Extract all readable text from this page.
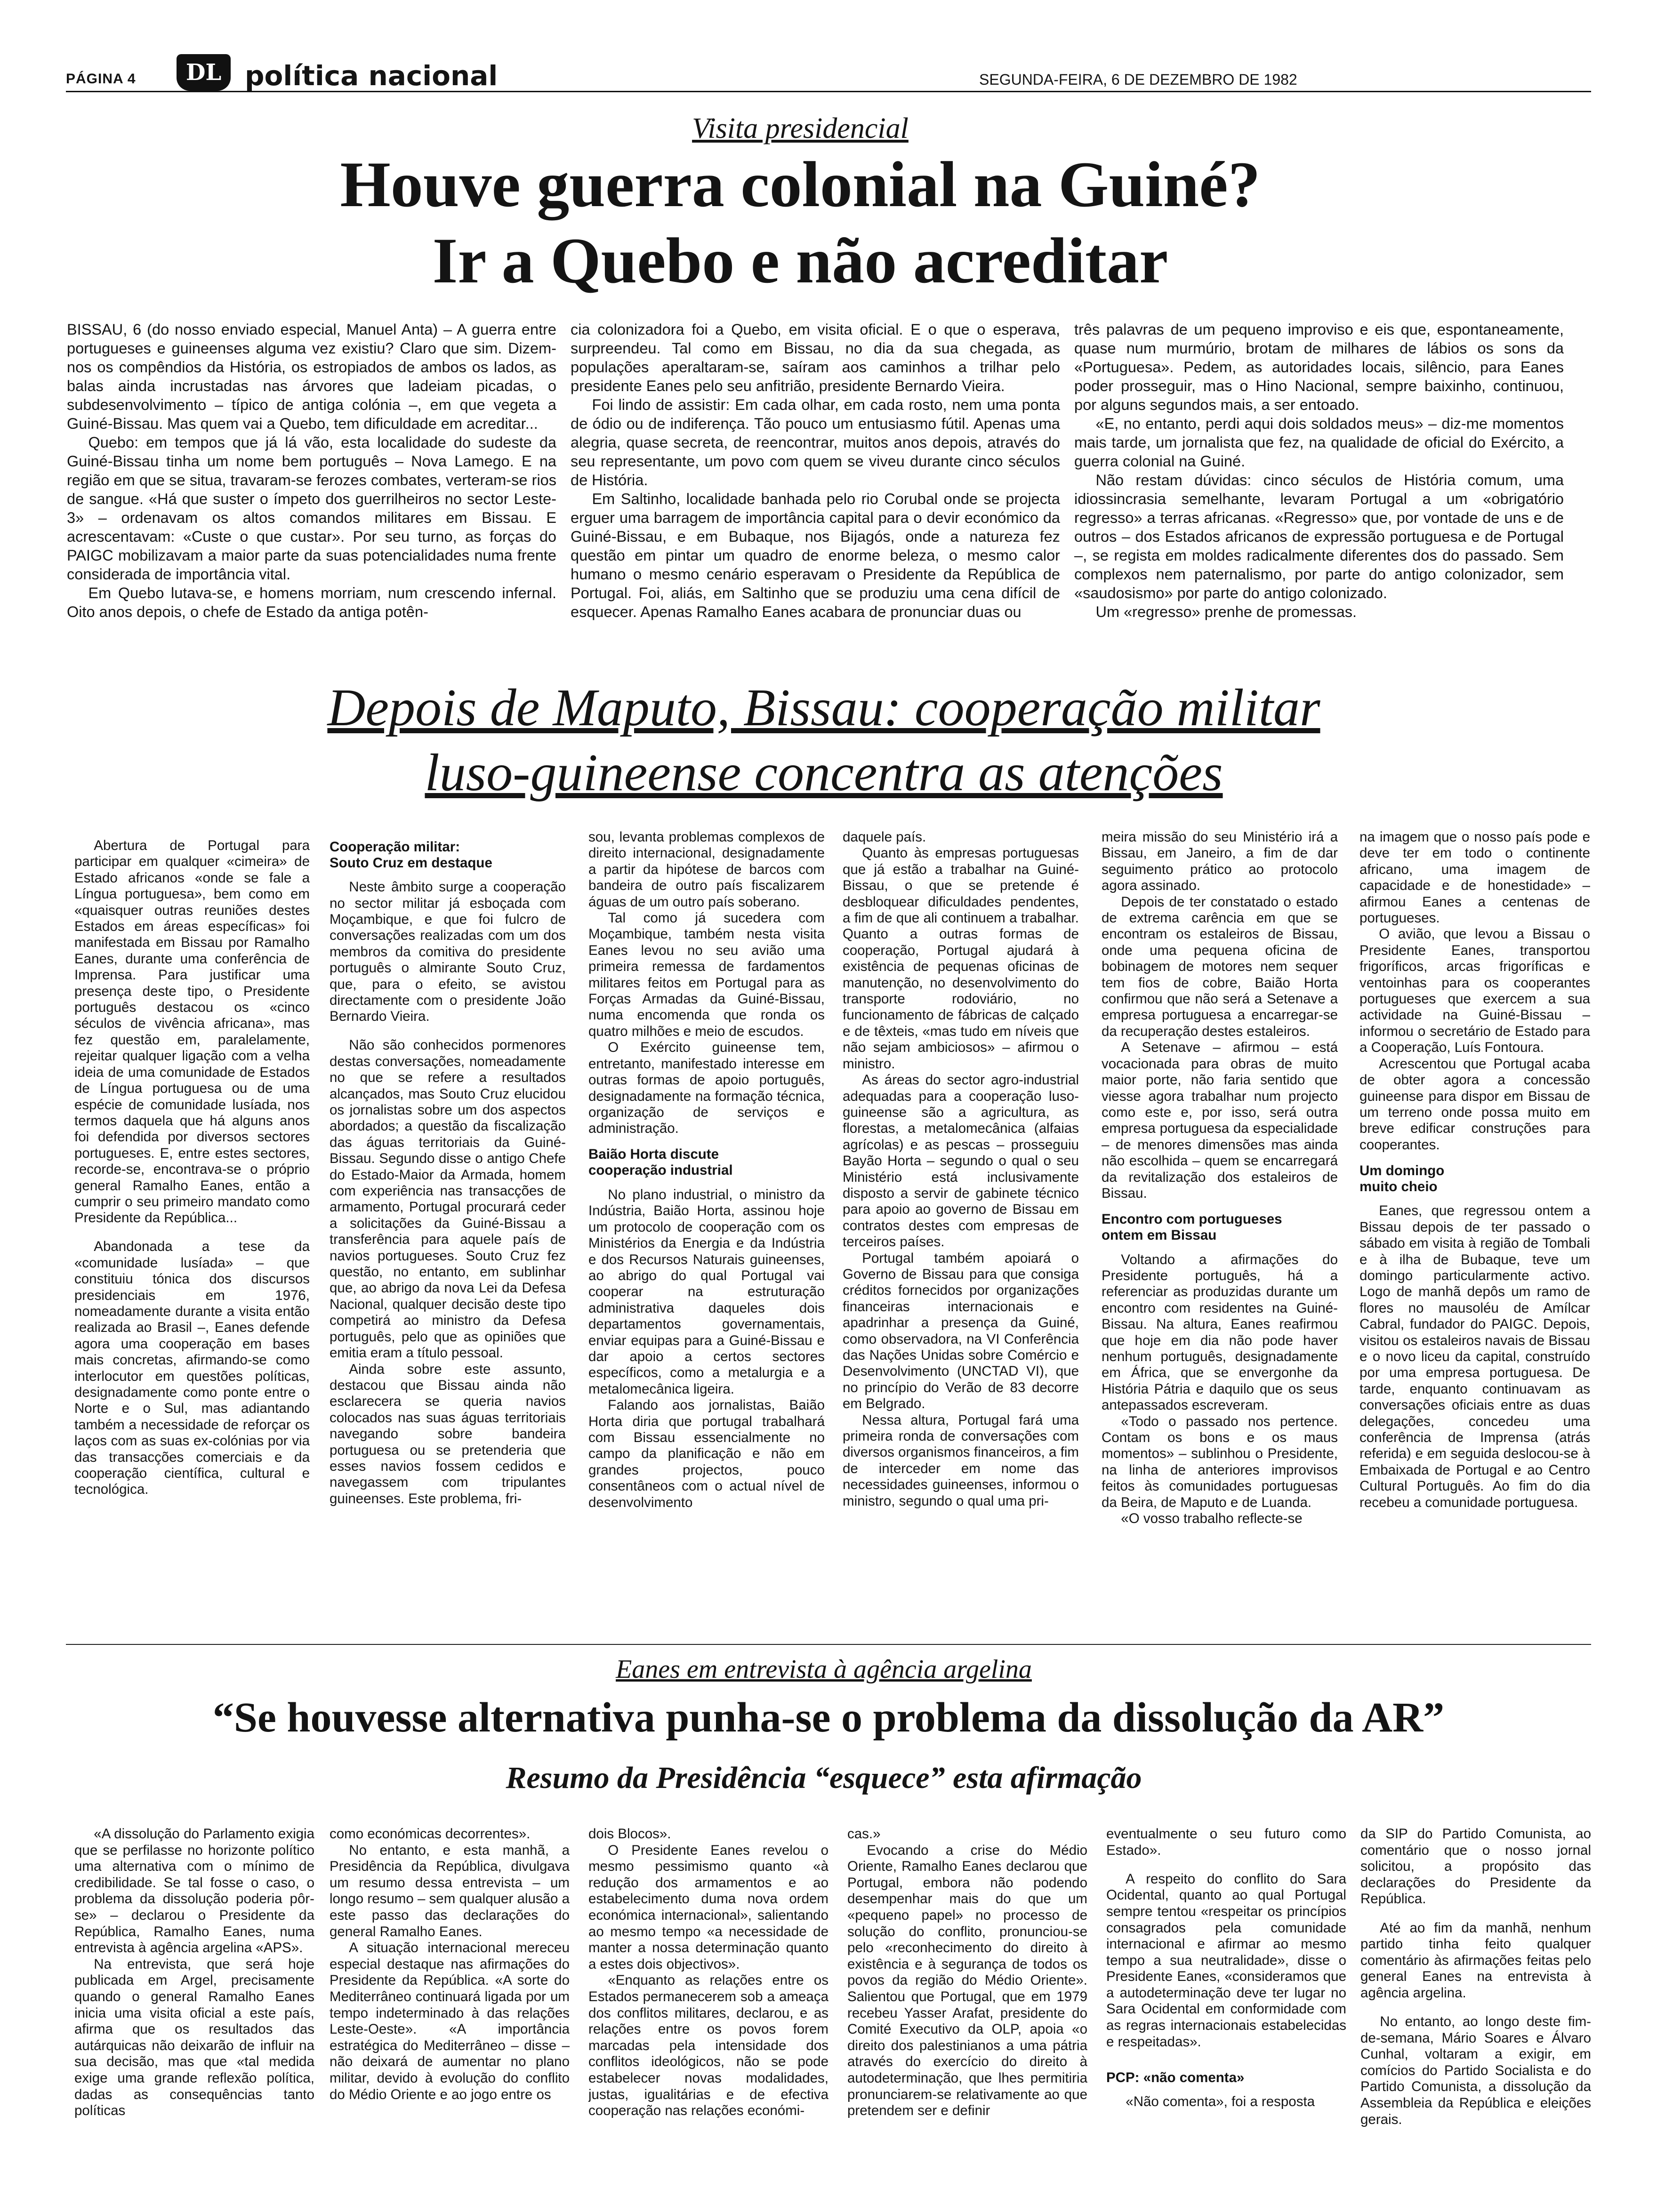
PÁGINA 4	DL política nacional	SEGUNDA-FEIRA, 6 DE DEZEMBRO DE 1982
Visita presidencial
Houve guerra colonial na Guiné?
Ir a Quebo e não acreditar

BISSAU, 6 (do nosso enviado especial, Manuel Anta) – A guerra entre portugueses e guineenses alguma vez existiu? Claro que sim. Dizem-nos os compêndios da História, os estropiados de ambos os lados, as balas ainda incrustadas nas árvores que ladeiam picadas, o subdesenvolvimento – típico de antiga colónia –, em que vegeta a Guiné-Bissau. Mas quem vai a Quebo, tem dificuldade em acreditar...

Quebo: em tempos que já lá vão, esta localidade do sudeste da Guiné-Bissau tinha um nome bem português – Nova Lamego. E na região em que se situa, travaram-se ferozes combates, verteram-se rios de sangue. «Há que suster o ímpeto dos guerrilheiros no sector Leste-3» – ordenavam os altos comandos militares em Bissau. E acrescentavam: «Custe o que custar». Por seu turno, as forças do PAIGC mobilizavam a maior parte da suas potencialidades numa frente considerada de importância vital.

Em Quebo lutava-se, e homens morriam, num crescendo infernal. Oito anos depois, o chefe de Estado da antiga potên-

cia colonizadora foi a Quebo, em visita oficial. E o que o esperava, surpreendeu. Tal como em Bissau, no dia da sua chegada, as populações aperaltaram-se, saíram aos caminhos a trilhar pelo presidente Eanes pelo seu anfitrião, presidente Bernardo Vieira.

Foi lindo de assistir: Em cada olhar, em cada rosto, nem uma ponta de ódio ou de indiferença. Tão pouco um entusiasmo fútil. Apenas uma alegria, quase secreta, de reencontrar, muitos anos depois, através do seu representante, um povo com quem se viveu durante cinco séculos de História.

Em Saltinho, localidade banhada pelo rio Corubal onde se projecta erguer uma barragem de importância capital para o devir económico da Guiné-Bissau, e em Bubaque, nos Bijagós, onde a natureza fez questão em pintar um quadro de enorme beleza, o mesmo calor humano o mesmo cenário esperavam o Presidente da República de Portugal. Foi, aliás, em Saltinho que se produziu uma cena difícil de esquecer. Apenas Ramalho Eanes acabara de pronunciar duas ou

três palavras de um pequeno improviso e eis que, espontaneamente, quase num murmúrio, brotam de milhares de lábios os sons da «Portuguesa». Pedem, as autoridades locais, silêncio, para Eanes poder prosseguir, mas o Hino Nacional, sempre baixinho, continuou, por alguns segundos mais, a ser entoado.

«E, no entanto, perdi aqui dois soldados meus» – diz-me momentos mais tarde, um jornalista que fez, na qualidade de oficial do Exército, a guerra colonial na Guiné.

Não restam dúvidas: cinco séculos de História comum, uma idiossincrasia semelhante, levaram Portugal a um «obrigatório regresso» a terras africanas. «Regresso» que, por vontade de uns e de outros – dos Estados africanos de expressão portuguesa e de Portugal –, se regista em moldes radicalmente diferentes dos do passado. Sem complexos nem paternalismo, por parte do antigo colonizador, sem «saudosismo» por parte do antigo colonizado.

Um «regresso» prenhe de promessas.

Depois de Maputo, Bissau: cooperação militar
luso-guineense concentra as atenções

Abertura de Portugal para participar em qualquer «cimeira» de Estado africanos «onde se fale a Língua portuguesa», bem como em «quaisquer outras reuniões destes Estados em áreas específicas» foi manifestada em Bissau por Ramalho Eanes, durante uma conferência de Imprensa. Para justificar uma presença deste tipo, o Presidente português destacou os «cinco séculos de vivência africana», mas fez questão em, paralelamente, rejeitar qualquer ligação com a velha ideia de uma comunidade de Estados de Língua portuguesa ou de uma espécie de comunidade lusíada, nos termos daquela que há alguns anos foi defendida por diversos sectores portugueses. E, entre estes sectores, recorde-se, encontrava-se o próprio general Ramalho Eanes, então a cumprir o seu primeiro mandato como Presidente da República...

Abandonada a tese da «comunidade lusíada» – que constituiu tónica dos discursos presidenciais em 1976, nomeadamente durante a visita então realizada ao Brasil –, Eanes defende agora uma cooperação em bases mais concretas, afirmando-se como interlocutor em questões políticas, designadamente como ponte entre o Norte e o Sul, mas adiantando também a necessidade de reforçar os laços com as suas ex-colónias por via das transacções comerciais e da cooperação científica, cultural e tecnológica.

Cooperação militar:
Souto Cruz em destaque

Neste âmbito surge a cooperação no sector militar já esboçada com Moçambique, e que foi fulcro de conversações realizadas com um dos membros da comitiva do presidente português o almirante Souto Cruz, que, para o efeito, se avistou directamente com o presidente João Bernardo Vieira.

Não são conhecidos pormenores destas conversações, nomeadamente no que se refere a resultados alcançados, mas Souto Cruz elucidou os jornalistas sobre um dos aspectos abordados; a questão da fiscalização das águas territoriais da Guiné-Bissau. Segundo disse o antigo Chefe do Estado-Maior da Armada, homem com experiência nas transacções de armamento, Portugal procurará ceder a solicitações da Guiné-Bissau a transferência para aquele país de navios portugueses. Souto Cruz fez questão, no entanto, em sublinhar que, ao abrigo da nova Lei da Defesa Nacional, qualquer decisão deste tipo competirá ao ministro da Defesa português, pelo que as opiniões que emitia eram a título pessoal.

Ainda sobre este assunto, destacou que Bissau ainda não esclarecera se queria navios colocados nas suas águas territoriais navegando sobre bandeira portuguesa ou se pretenderia que esses navios fossem cedidos e navegassem com tripulantes guineenses. Este problema, fri-

sou, levanta problemas complexos de direito internacional, designadamente a partir da hipótese de barcos com bandeira de outro país fiscalizarem águas de um outro país soberano.

Tal como já sucedera com Moçambique, também nesta visita Eanes levou no seu avião uma primeira remessa de fardamentos militares feitos em Portugal para as Forças Armadas da Guiné-Bissau, numa encomenda que ronda os quatro milhões e meio de escudos.

O Exército guineense tem, entretanto, manifestado interesse em outras formas de apoio português, designadamente na formação técnica, organização de serviços e administração.

Baião Horta discute
cooperação industrial

No plano industrial, o ministro da Indústria, Baião Horta, assinou hoje um protocolo de cooperação com os Ministérios da Energia e da Indústria e dos Recursos Naturais guineenses, ao abrigo do qual Portugal vai cooperar na estruturação administrativa daqueles dois departamentos governamentais, enviar equipas para a Guiné-Bissau e dar apoio a certos sectores específicos, como a metalurgia e a metalomecânica ligeira.

Falando aos jornalistas, Baião Horta diria que portugal trabalhará com Bissau essencialmente no campo da planificação e não em grandes projectos, pouco consentâneos com o actual nível de desenvolvimento

daquele país.

Quanto às empresas portuguesas que já estão a trabalhar na Guiné-Bissau, o que se pretende é desbloquear dificuldades pendentes, a fim de que ali continuem a trabalhar. Quanto a outras formas de cooperação, Portugal ajudará à existência de pequenas oficinas de manutenção, no desenvolvimento do transporte rodoviário, no funcionamento de fábricas de calçado e de têxteis, «mas tudo em níveis que não sejam ambiciosos» – afirmou o ministro.

As áreas do sector agro-industrial adequadas para a cooperação luso-guineense são a agricultura, as florestas, a metalomecânica (alfaias agrícolas) e as pescas – prosseguiu Bayão Horta – segundo o qual o seu Ministério está inclusivamente disposto a servir de gabinete técnico para apoio ao governo de Bissau em contratos destes com empresas de terceiros países.

Portugal também apoiará o Governo de Bissau para que consiga créditos fornecidos por organizações financeiras internacionais e apadrinhar a presença da Guiné, como observadora, na VI Conferência das Nações Unidas sobre Comércio e Desenvolvimento (UNCTAD VI), que no princípio do Verão de 83 decorre em Belgrado.

Nessa altura, Portugal fará uma primeira ronda de conversações com diversos organismos financeiros, a fim de interceder em nome das necessidades guineenses, informou o ministro, segundo o qual uma pri-

meira missão do seu Ministério irá a Bissau, em Janeiro, a fim de dar seguimento prático ao protocolo agora assinado.

Depois de ter constatado o estado de extrema carência em que se encontram os estaleiros de Bissau, onde uma pequena oficina de bobinagem de motores nem sequer tem fios de cobre, Baião Horta confirmou que não será a Setenave a empresa portuguesa a encarregar-se da recuperação destes estaleiros.

A Setenave – afirmou – está vocacionada para obras de muito maior porte, não faria sentido que viesse agora trabalhar num projecto como este e, por isso, será outra empresa portuguesa da especialidade – de menores dimensões mas ainda não escolhida – quem se encarregará da revitalização dos estaleiros de Bissau.

Encontro com portugueses
ontem em Bissau

Voltando a afirmações do Presidente português, há a referenciar as produzidas durante um encontro com residentes na Guiné-Bissau. Na altura, Eanes reafirmou que hoje em dia não pode haver nenhum português, designadamente em África, que se envergonhe da História Pátria e daquilo que os seus antepassados escreveram.

«Todo o passado nos pertence. Contam os bons e os maus momentos» – sublinhou o Presidente, na linha de anteriores improvisos feitos às comunidades portuguesas da Beira, de Maputo e de Luanda.

«O vosso trabalho reflecte-se

na imagem que o nosso país pode e deve ter em todo o continente africano, uma imagem de capacidade e de honestidade» – afirmou Eanes a centenas de portugueses.

O avião, que levou a Bissau o Presidente Eanes, transportou frigoríficos, arcas frigoríficas e ventoinhas para os cooperantes portugueses que exercem a sua actividade na Guiné-Bissau – informou o secretário de Estado para a Cooperação, Luís Fontoura.

Acrescentou que Portugal acaba de obter agora a concessão guineense para dispor em Bissau de um terreno onde possa muito em breve edificar construções para cooperantes.

Um domingo
muito cheio

Eanes, que regressou ontem a Bissau depois de ter passado o sábado em visita à região de Tombali e à ilha de Bubaque, teve um domingo particularmente activo. Logo de manhã depôs um ramo de flores no mausoléu de Amílcar Cabral, fundador do PAIGC. Depois, visitou os estaleiros navais de Bissau e o novo liceu da capital, construído por uma empresa portuguesa. De tarde, enquanto continuavam as conversações oficiais entre as duas delegações, concedeu uma conferência de Imprensa (atrás referida) e em seguida deslocou-se à Embaixada de Portugal e ao Centro Cultural Português. Ao fim do dia recebeu a comunidade portuguesa.

Eanes em entrevista à agência argelina
“Se houvesse alternativa punha-se o problema da dissolução da AR”
Resumo da Presidência “esquece” esta afirmação

«A dissolução do Parlamento exigia que se perfilasse no horizonte político uma alternativa com o mínimo de credibilidade. Se tal fosse o caso, o problema da dissolução poderia pôr-se» – declarou o Presidente da República, Ramalho Eanes, numa entrevista à agência argelina «APS».

Na entrevista, que será hoje publicada em Argel, precisamente quando o general Ramalho Eanes inicia uma visita oficial a este país, afirma que os resultados das autárquicas não deixarão de influir na sua decisão, mas que «tal medida exige uma grande reflexão política, dadas as consequências tanto políticas

como económicas decorrentes».

No entanto, e esta manhã, a Presidência da República, divulgava um resumo dessa entrevista – um longo resumo – sem qualquer alusão a este passo das declarações do general Ramalho Eanes.

A situação internacional mereceu especial destaque nas afirmações do Presidente da República. «A sorte do Mediterrâneo continuará ligada por um tempo indeterminado à das relações Leste-Oeste». «A importância estratégica do Mediterrâneo – disse – não deixará de aumentar no plano militar, devido à evolução do conflito do Médio Oriente e ao jogo entre os

dois Blocos».

O Presidente Eanes revelou o mesmo pessimismo quanto «à redução dos armamentos e ao estabelecimento duma nova ordem económica internacional», salientando ao mesmo tempo «a necessidade de manter a nossa determinação quanto a estes dois objectivos».

«Enquanto as relações entre os Estados permanecerem sob a ameaça dos conflitos militares, declarou, e as relações entre os povos forem marcadas pela intensidade dos conflitos ideológicos, não se pode estabelecer novas modalidades, justas, igualitárias e de efectiva cooperação nas relações económi-

cas.»

Evocando a crise do Médio Oriente, Ramalho Eanes declarou que Portugal, embora não podendo desempenhar mais do que um «pequeno papel» no processo de solução do conflito, pronunciou-se pelo «reconhecimento do direito à existência e à segurança de todos os povos da região do Médio Oriente». Salientou que Portugal, que em 1979 recebeu Yasser Arafat, presidente do Comité Executivo da OLP, apoia «o direito dos palestinianos a uma pátria através do exercício do direito à autodeterminação, que lhes permitiria pronunciarem-se relativamente ao que pretendem ser e definir

eventualmente o seu futuro como Estado».

A respeito do conflito do Sara Ocidental, quanto ao qual Portugal sempre tentou «respeitar os princípios consagrados pela comunidade internacional e afirmar ao mesmo tempo a sua neutralidade», disse o Presidente Eanes, «consideramos que a autodeterminação deve ter lugar no Sara Ocidental em conformidade com as regras internacionais estabelecidas e respeitadas».

PCP: «não comenta»

«Não comenta», foi a resposta

da SIP do Partido Comunista, ao comentário que o nosso jornal solicitou, a propósito das declarações do Presidente da República.

Até ao fim da manhã, nenhum partido tinha feito qualquer comentário às afirmações feitas pelo general Eanes na entrevista à agência argelina.

No entanto, ao longo deste fim-de-semana, Mário Soares e Álvaro Cunhal, voltaram a exigir, em comícios do Partido Socialista e do Partido Comunista, a dissolução da Assembleia da República e eleições gerais.
